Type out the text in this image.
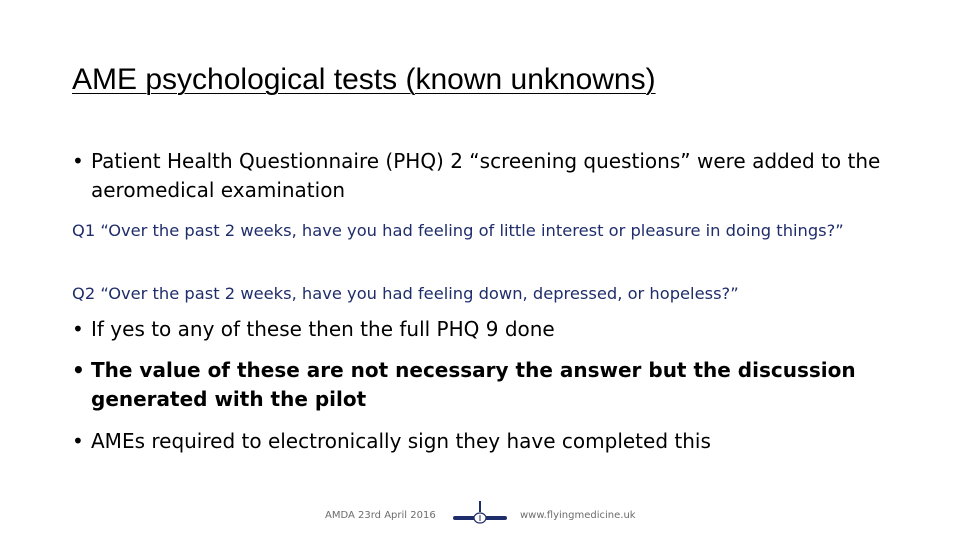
AME psychological tests (known unknowns)
• Patient Health Questionnaire (PHQ) 2 “screening questions” were added to the aeromedical examination
Q1 “Over the past 2 weeks, have you had feeling of little interest or pleasure in doing things?”
Q2 “Over the past 2 weeks, have you had feeling down, depressed, or hopeless?”
• If yes to any of these then the full PHQ 9 done
• The value of these are not necessary the answer but the discussion generated with the pilot
• AMEs required to electronically sign they have completed this
AMDA 23rd April 2016	www.flyingmedicine.uk
